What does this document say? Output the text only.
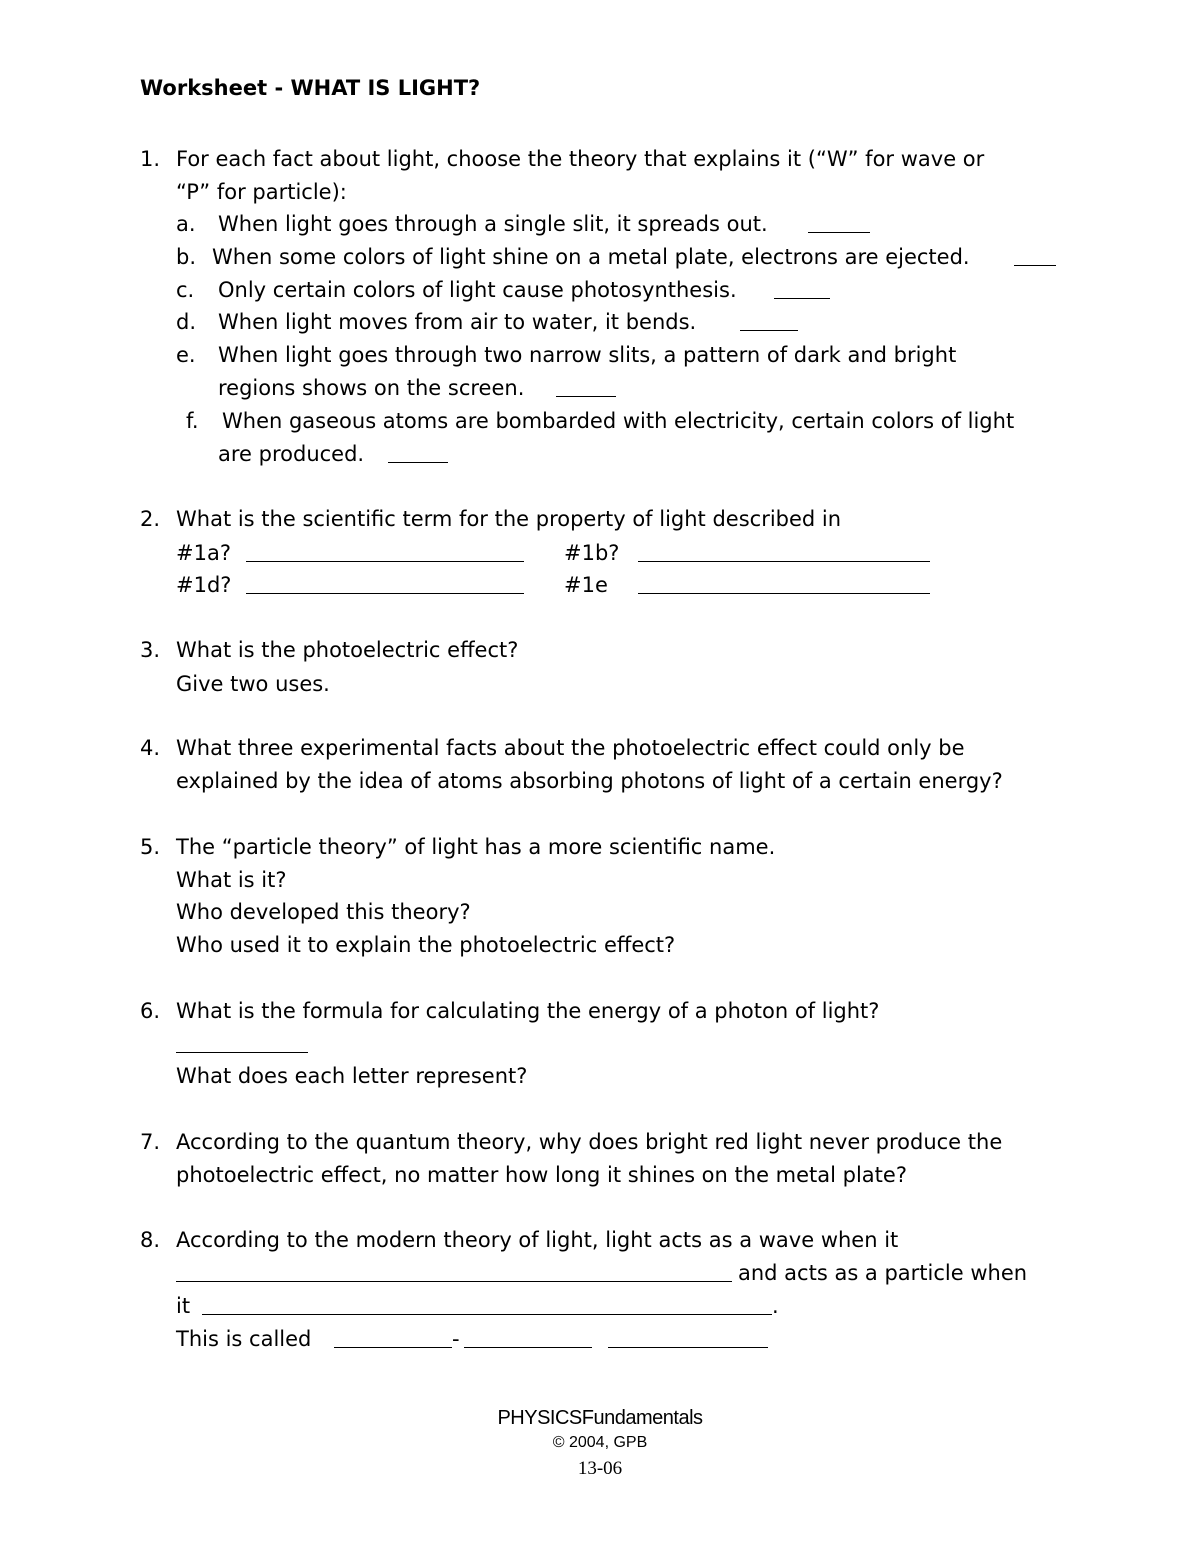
Worksheet - WHAT IS LIGHT?
1. For each fact about light, choose the theory that explains it (“W” for wave or
“P” for particle):
a. When light goes through a single slit, it spreads out.
b. When some colors of light shine on a metal plate, electrons are ejected.
c. Only certain colors of light cause photosynthesis.
d. When light moves from air to water, it bends.
e. When light goes through two narrow slits, a pattern of dark and bright
regions shows on the screen.
f. When gaseous atoms are bombarded with electricity, certain colors of light
are produced.
2. What is the scientific term for the property of light described in
#1a?	#1b?
#1d?	#1e
3. What is the photoelectric effect?
Give two uses.
4. What three experimental facts about the photoelectric effect could only be
explained by the idea of atoms absorbing photons of light of a certain energy?
5. The “particle theory” of light has a more scientific name.
What is it?
Who developed this theory?
Who used it to explain the photoelectric effect?
6. What is the formula for calculating the energy of a photon of light?
What does each letter represent?
7. According to the quantum theory, why does bright red light never produce the
photoelectric effect, no matter how long it shines on the metal plate?
8. According to the modern theory of light, light acts as a wave when it
and acts as a particle when
it	.
This is called	-
PHYSICSFundamentals
© 2004, GPB
13-06
